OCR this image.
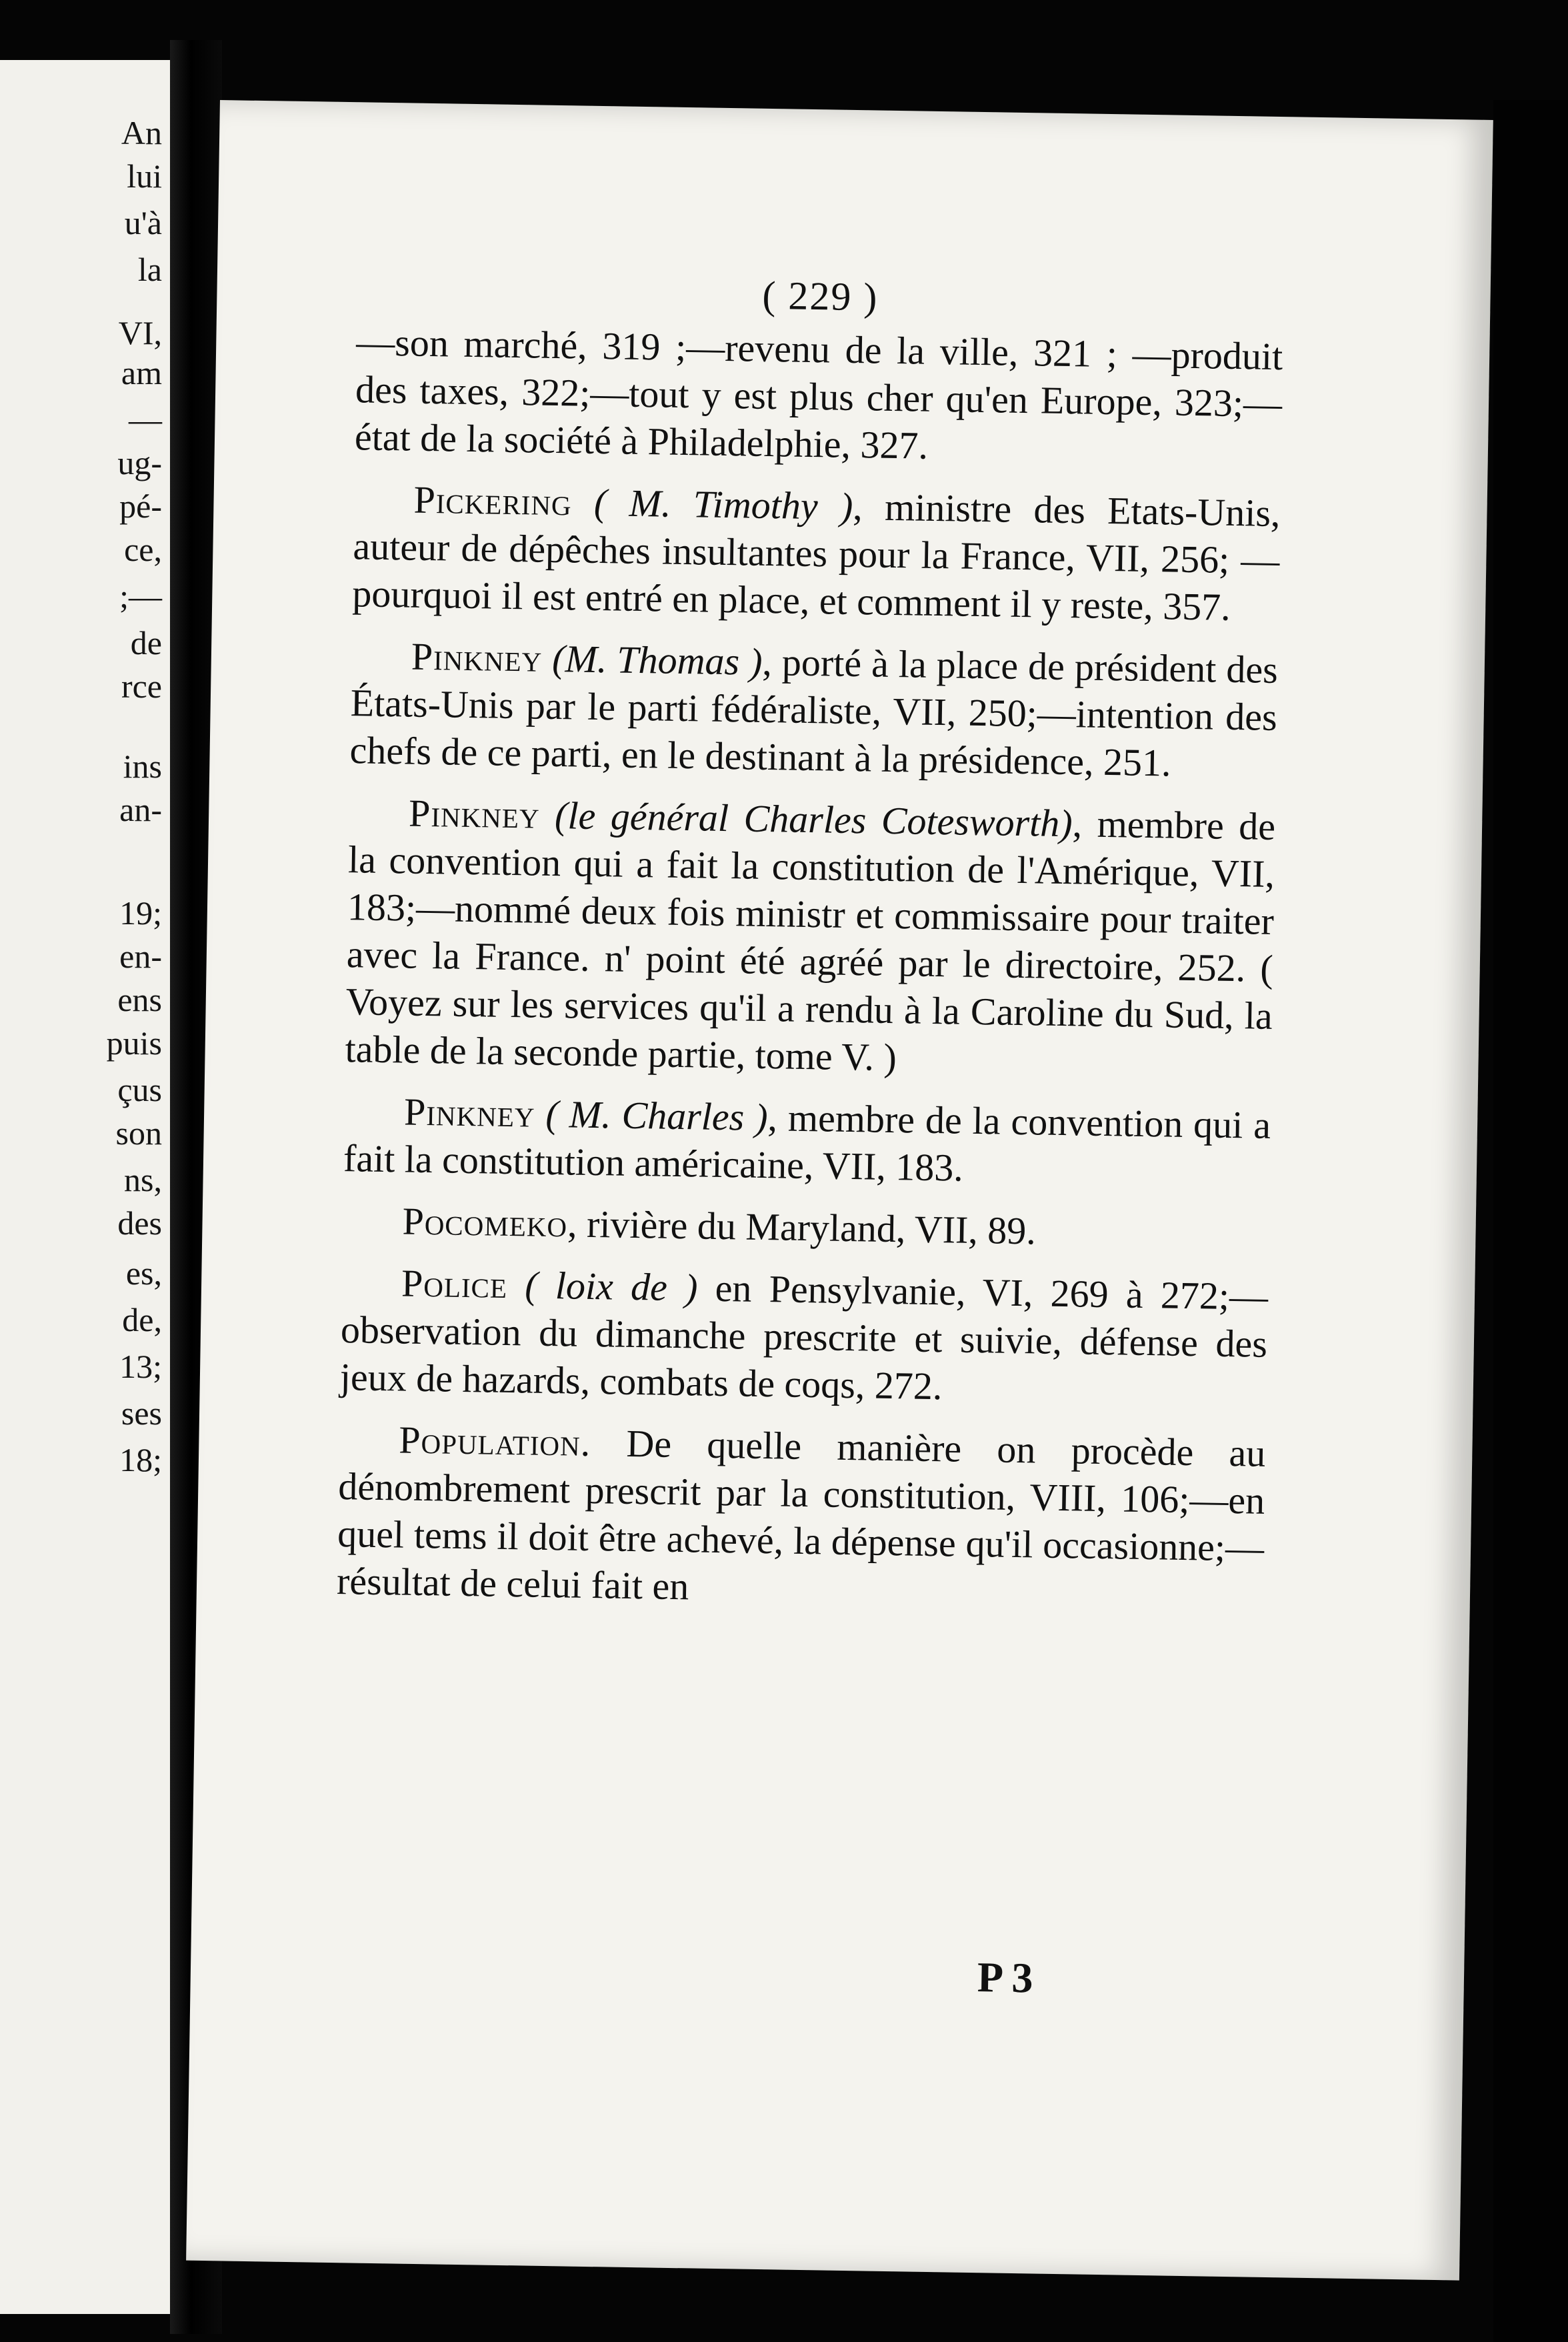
An
lui
u'à
la
VI,
am
—
ug-
pé-
ce,
;—
de
rce
ins
an-
19;
en-
ens
puis
çus
son
ns,
des
es,
de,
13;
ses
18;
( 229 )

—son marché, 319 ;—revenu de la ville, 321 ; —produit des taxes, 322;—tout y est plus cher qu'en Europe, 323;—état de la société à Philadelphie, 327.

Pickering ( M. Timothy ), ministre des Etats-Unis, auteur de dépêches insultantes pour la France, VII, 256; — pourquoi il est entré en place, et comment il y reste, 357.

Pinkney (M. Thomas ), porté à la place de président des États-Unis par le parti fédéraliste, VII, 250;—intention des chefs de ce parti, en le destinant à la présidence, 251.

Pinkney (le général Charles Cotesworth), membre de la convention qui a fait la constitution de l'Amérique, VII, 183;—nommé deux fois ministr et commissaire pour traiter avec la France. n' point été agréé par le directoire, 252. ( Voyez sur les services qu'il a rendu à la Caroline du Sud, la table de la seconde partie, tome V. )

Pinkney ( M. Charles ), membre de la convention qui a fait la constitution américaine, VII, 183.

Pocomeko, rivière du Maryland, VII, 89.

Police ( loix de ) en Pensylvanie, VI, 269 à 272;—observation du dimanche prescrite et suivie, défense des jeux de hazards, combats de coqs, 272.

Population. De quelle manière on procède au dénombrement prescrit par la constitution, VIII, 106;—en quel tems il doit être achevé, la dépense qu'il occasionne;—résultat de celui fait en

P 3
